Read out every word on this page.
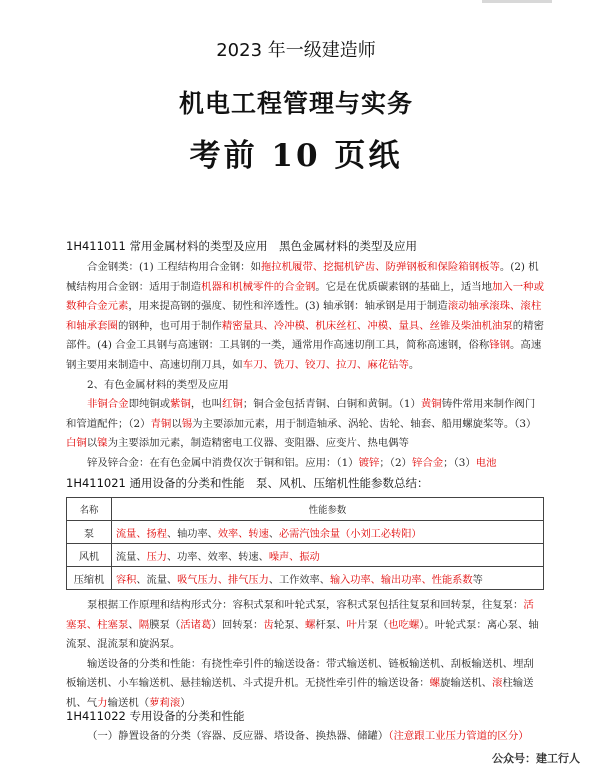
2023 年一级建造师
机电工程管理与实务
考前 10 页纸
1H411011 常用金属材料的类型及应用　黑色金属材料的类型及应用

合金钢类：(1) 工程结构用合金钢：如拖拉机履带、挖掘机铲齿、防弹钢板和保险箱钢板等。(2) 机械结构用合金钢：适用于制造机器和机械零件的合金钢。它是在优质碳素钢的基础上，适当地加入一种或数种合金元素，用来提高钢的强度、韧性和淬透性。(3) 轴承钢：轴承钢是用于制造滚动轴承滚珠、滚柱和轴承套圈的钢种，也可用于制作精密量具、冷冲模、机床丝杠、冲模、量具、丝锥及柴油机油泵的精密部件。(4) 合金工具钢与高速钢：工具钢的一类，通常用作高速切削工具，简称高速钢，俗称锋钢。高速钢主要用来制造中、高速切削刀具，如车刀、铣刀、铰刀、拉刀、麻花钻等。

2、有色金属材料的类型及应用

非铜合金即纯铜或紫铜，也叫红铜；铜合金包括青铜、白铜和黄铜。（1）黄铜铸件常用来制作阀门和管道配件；（2）青铜以锡为主要添加元素，用于制造轴承、涡轮、齿轮、轴套、船用螺旋桨等。（3）白铜以镍为主要添加元素，制造精密电工仪器、变阻器、应变片、热电偶等

锌及锌合金：在有色金属中消费仅次于铜和铝。应用：（1）镀锌；（2）锌合金；（3）电池

1H411021 通用设备的分类和性能　泵、风机、压缩机性能参数总结：
名称	性能参数
泵	流量、扬程、轴功率、效率、转速、必需汽蚀余量（小刘工必转阳）
风机	流量、压力、功率、效率、转速、噪声、振动
压缩机	容积、流量、吸气压力、排气压力、工作效率、输入功率、输出功率、性能系数等

泵根据工作原理和结构形式分：容积式泵和叶轮式泵，容积式泵包括往复泵和回转泵，往复泵：活塞泵、柱塞泵、隔膜泵（活诸葛）回转泵：齿轮泵、螺杆泵、叶片泵（也吃螺）。叶轮式泵：离心泵、轴流泵、混流泵和旋涡泵。

输送设备的分类和性能：有挠性牵引件的输送设备：带式输送机、链板输送机、刮板输送机、埋刮板输送机、小车输送机、悬挂输送机、斗式提升机。无挠性牵引件的输送设备：螺旋输送机、滚柱输送机、气力输送机（萝莉滚）

1H411022 专用设备的分类和性能

（一）静置设备的分类（容器、反应器、塔设备、换热器、储罐）（注意跟工业压力管道的区分）

公众号：建工行人
